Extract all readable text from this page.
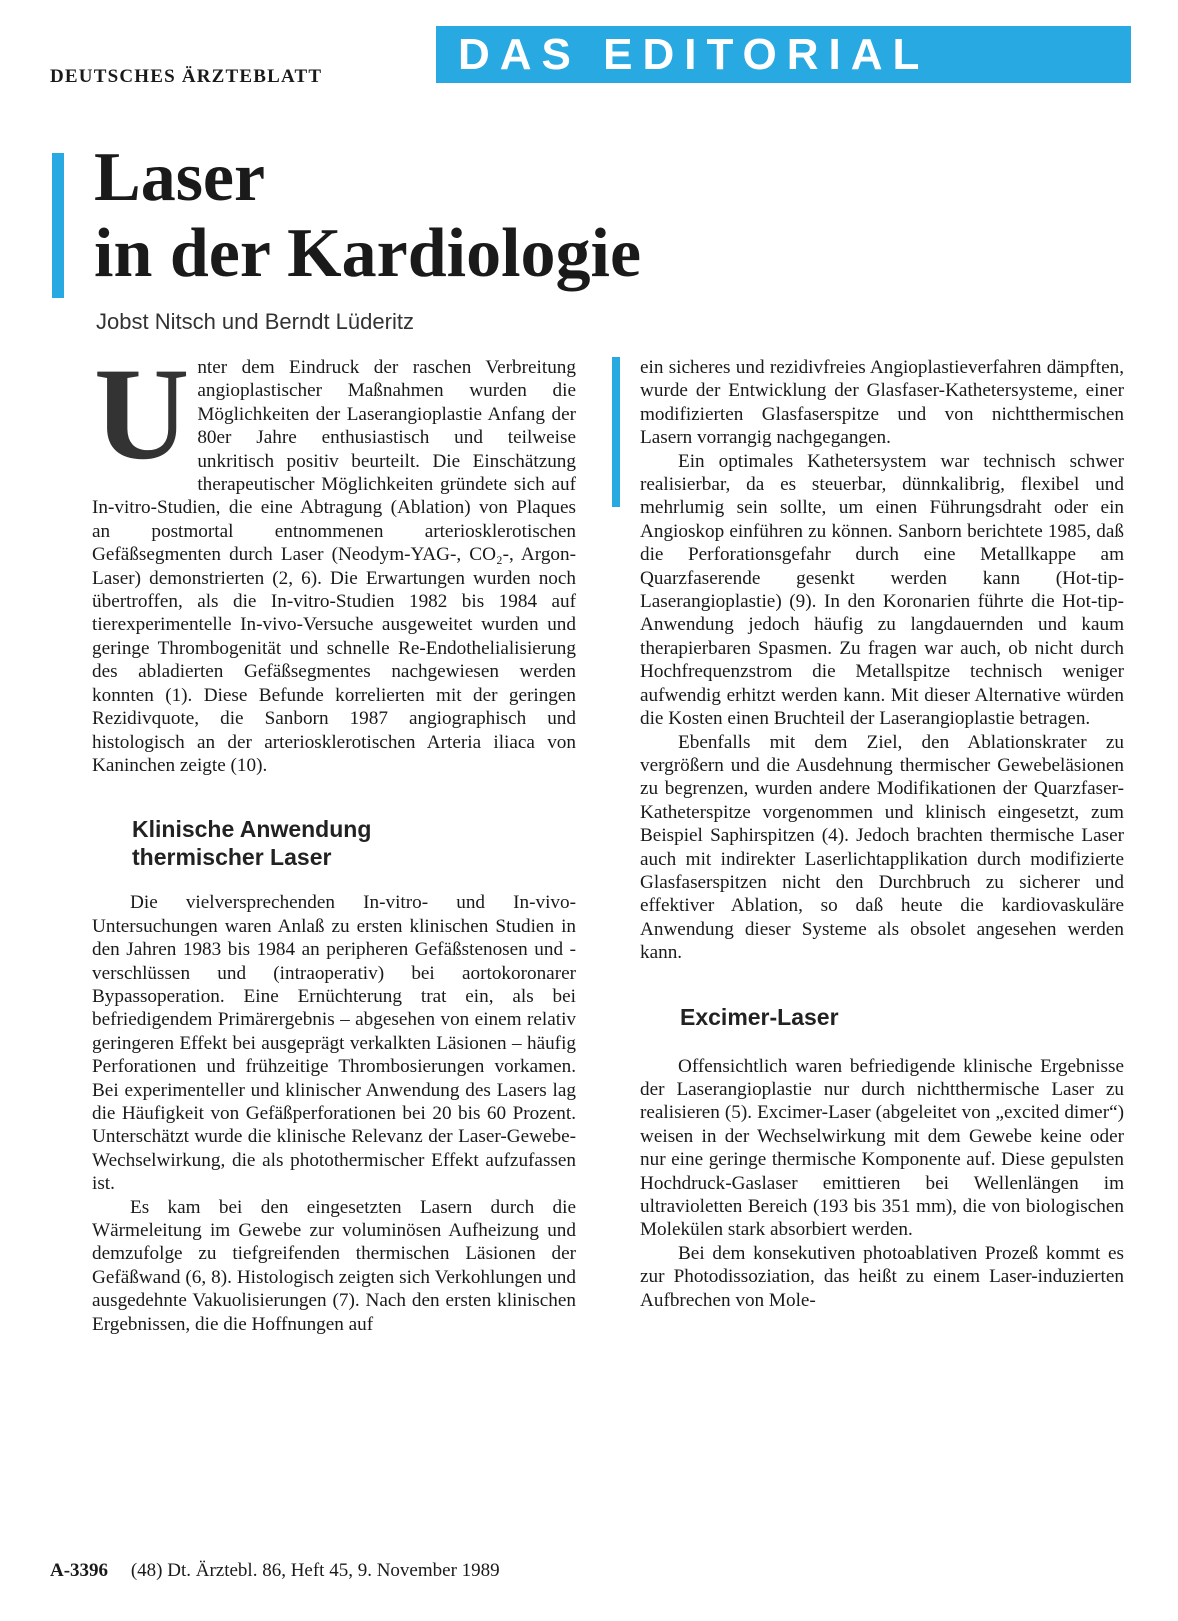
DEUTSCHES ÄRZTEBLATT	DAS EDITORIAL
Laser
in der Kardiologie
Jobst Nitsch und Berndt Lüderitz

Unter dem Eindruck der raschen Verbreitung angioplastischer Maßnahmen wurden die Möglichkeiten der Laserangioplastie Anfang der 80er Jahre enthusiastisch und teilweise unkritisch positiv beurteilt. Die Einschätzung therapeutischer Möglichkeiten gründete sich auf In-vitro-Studien, die eine Abtragung (Ablation) von Plaques an postmortal entnommenen arteriosklerotischen Gefäßsegmenten durch Laser (Neodym-YAG-, CO₂-, Argon-Laser) demonstrierten (2, 6). Die Erwartungen wurden noch übertroffen, als die In-vitro-Studien 1982 bis 1984 auf tierexperimentelle In-vivo-Versuche ausgeweitet wurden und geringe Thrombogenität und schnelle Re-Endothelialisierung des abladierten Gefäßsegmentes nachgewiesen werden konnten (1). Diese Befunde korrelierten mit der geringen Rezidivquote, die Sanborn 1987 angiographisch und histologisch an der arteriosklerotischen Arteria iliaca von Kaninchen zeigte (10).

Klinische Anwendung
thermischer Laser

Die vielversprechenden In-vitro- und In-vivo-Untersuchungen waren Anlaß zu ersten klinischen Studien in den Jahren 1983 bis 1984 an peripheren Gefäßstenosen und -verschlüssen und (intraoperativ) bei aortokoronarer Bypassoperation. Eine Ernüchterung trat ein, als bei befriedigendem Primärergebnis – abgesehen von einem relativ geringeren Effekt bei ausgeprägt verkalkten Läsionen – häufig Perforationen und frühzeitige Thrombosierungen vorkamen. Bei experimenteller und klinischer Anwendung des Lasers lag die Häufigkeit von Gefäßperforationen bei 20 bis 60 Prozent. Unterschätzt wurde die klinische Relevanz der Laser-Gewebe-Wechselwirkung, die als photothermischer Effekt aufzufassen ist.

Es kam bei den eingesetzten Lasern durch die Wärmeleitung im Gewebe zur voluminösen Aufheizung und demzufolge zu tiefgreifenden thermischen Läsionen der Gefäßwand (6, 8). Histologisch zeigten sich Verkohlungen und ausgedehnte Vakuolisierungen (7). Nach den ersten klinischen Ergebnissen, die die Hoffnungen auf

ein sicheres und rezidivfreies Angioplastieverfahren dämpften, wurde der Entwicklung der Glasfaser-Kathetersysteme, einer modifizierten Glasfaserspitze und von nichtthermischen Lasern vorrangig nachgegangen.

Ein optimales Kathetersystem war technisch schwer realisierbar, da es steuerbar, dünnkalibrig, flexibel und mehrlumig sein sollte, um einen Führungsdraht oder ein Angioskop einführen zu können. Sanborn berichtete 1985, daß die Perforationsgefahr durch eine Metallkappe am Quarzfaserende gesenkt werden kann (Hot-tip-Laserangioplastie) (9). In den Koronarien führte die Hot-tip-Anwendung jedoch häufig zu langdauernden und kaum therapierbaren Spasmen. Zu fragen war auch, ob nicht durch Hochfrequenzstrom die Metallspitze technisch weniger aufwendig erhitzt werden kann. Mit dieser Alternative würden die Kosten einen Bruchteil der Laserangioplastie betragen.

Ebenfalls mit dem Ziel, den Ablationskrater zu vergrößern und die Ausdehnung thermischer Gewebeläsionen zu begrenzen, wurden andere Modifikationen der Quarzfaser-Katheterspitze vorgenommen und klinisch eingesetzt, zum Beispiel Saphirspitzen (4). Jedoch brachten thermische Laser auch mit indirekter Laserlichtapplikation durch modifizierte Glasfaserspitzen nicht den Durchbruch zu sicherer und effektiver Ablation, so daß heute die kardiovaskuläre Anwendung dieser Systeme als obsolet angesehen werden kann.

Excimer-Laser

Offensichtlich waren befriedigende klinische Ergebnisse der Laserangioplastie nur durch nichtthermische Laser zu realisieren (5). Excimer-Laser (abgeleitet von „excited dimer“) weisen in der Wechselwirkung mit dem Gewebe keine oder nur eine geringe thermische Komponente auf. Diese gepulsten Hochdruck-Gaslaser emittieren bei Wellenlängen im ultravioletten Bereich (193 bis 351 mm), die von biologischen Molekülen stark absorbiert werden.

Bei dem konsekutiven photoablativen Prozeß kommt es zur Photodissoziation, das heißt zu einem Laser-induzierten Aufbrechen von Mole-

A-3396 (48) Dt. Ärztebl. 86, Heft 45, 9. November 1989
